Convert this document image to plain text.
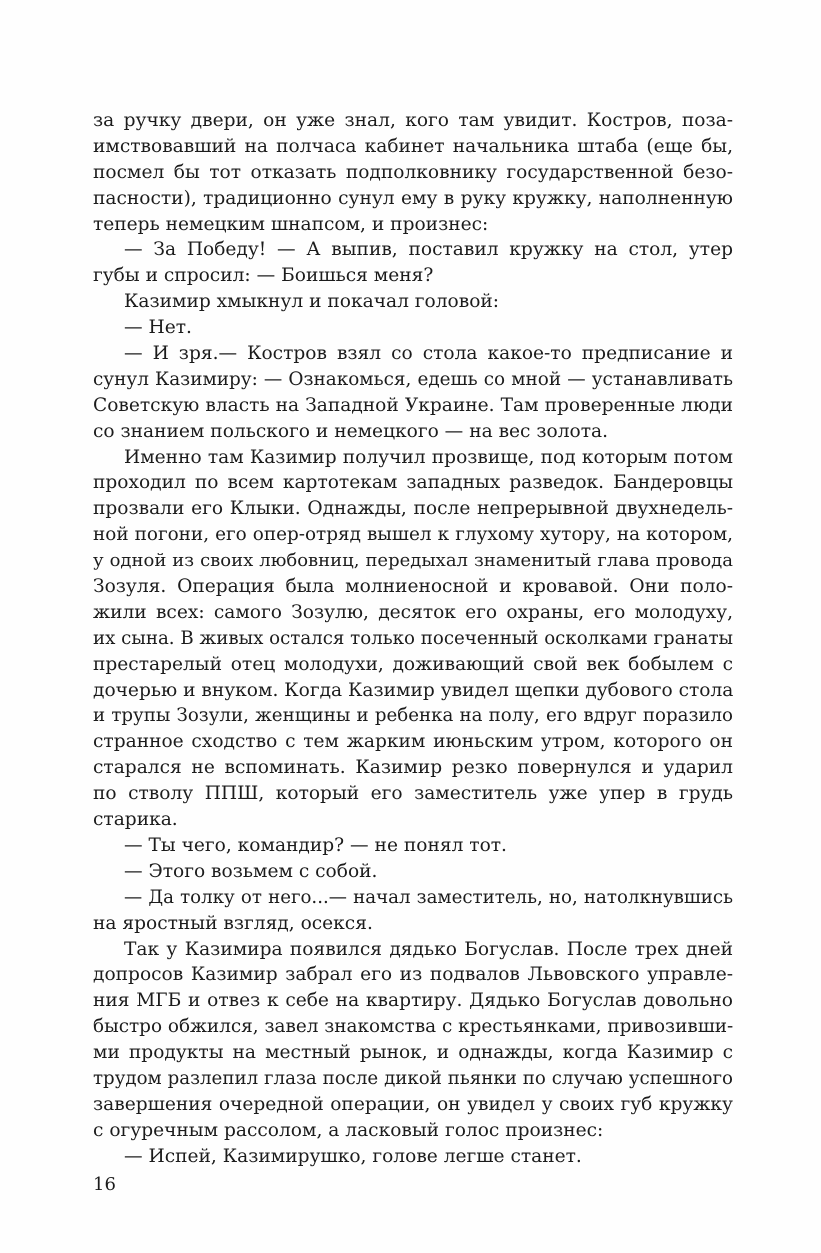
за ручку двери, он уже знал, кого там увидит. Костров, поза-
имствовавший на полчаса кабинет начальника штаба (еще бы,
посмел бы тот отказать подполковнику государственной безо-
пасности), традиционно сунул ему в руку кружку, наполненную
теперь немецким шнапсом, и произнес:
— За Победу! — А выпив, поставил кружку на стол, утер
губы и спросил: — Боишься меня?
Казимир хмыкнул и покачал головой:
— Нет.
— И зря.— Костров взял со стола какое-то предписание и
сунул Казимиру: — Ознакомься, едешь со мной — устанавливать
Советскую власть на Западной Украине. Там проверенные люди
со знанием польского и немецкого — на вес золота.
Именно там Казимир получил прозвище, под которым потом
проходил по всем картотекам западных разведок. Бандеровцы
прозвали его Клыки. Однажды, после непрерывной двухнедель-
ной погони, его опер-отряд вышел к глухому хутору, на котором,
у одной из своих любовниц, передыхал знаменитый глава провода
Зозуля. Операция была молниеносной и кровавой. Они поло-
жили всех: самого Зозулю, десяток его охраны, его молодуху,
их сына. В живых остался только посеченный осколками гранаты
престарелый отец молодухи, доживающий свой век бобылем с
дочерью и внуком. Когда Казимир увидел щепки дубового стола
и трупы Зозули, женщины и ребенка на полу, его вдруг поразило
странное сходство с тем жарким июньским утром, которого он
старался не вспоминать. Казимир резко повернулся и ударил
по стволу ППШ, который его заместитель уже упер в грудь
старика.
— Ты чего, командир? — не понял тот.
— Этого возьмем с собой.
— Да толку от него...— начал заместитель, но, натолкнувшись
на яростный взгляд, осекся.
Так у Казимира появился дядько Богуслав. После трех дней
допросов Казимир забрал его из подвалов Львовского управле-
ния МГБ и отвез к себе на квартиру. Дядько Богуслав довольно
быстро обжился, завел знакомства с крестьянками, привозивши-
ми продукты на местный рынок, и однажды, когда Казимир с
трудом разлепил глаза после дикой пьянки по случаю успешного
завершения очередной операции, он увидел у своих губ кружку
с огуречным рассолом, а ласковый голос произнес:
— Испей, Казимирушко, голове легше станет.
16
